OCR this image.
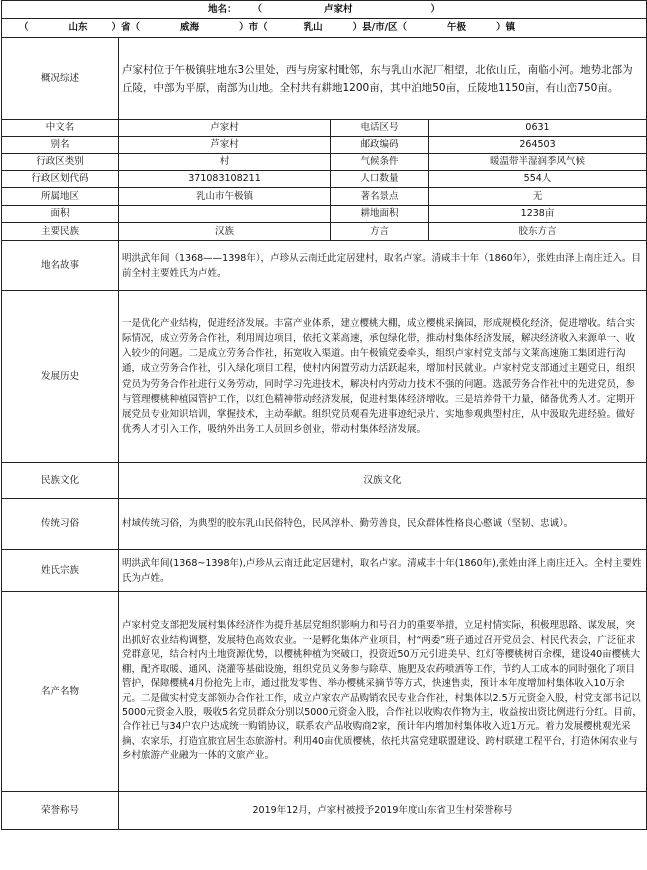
地名： （ 卢家村 ）			
（ 山东 ）省（ 威海 ）市（ 乳山 ）县/市/区（ 午极 ）镇			
概况综述	卢家村位于午极镇驻地东3公里处，西与房家村毗邻，东与乳山水泥厂相望，北依山丘，南临小河。地势北部为丘陵，中部为平原，南部为山地。全村共有耕地1200亩，其中泊地50亩，丘陵地1150亩，有山峦750亩。		
中文名	卢家村	电话区号	0631
别名	芦家村	邮政编码	264503
行政区类别	村	气候条件	暖温带半湿润季风气候
行政区划代码	371083108211	人口数量	554人
所属地区	乳山市午极镇	著名景点	无
面积		耕地面积	1238亩
主要民族	汉族	方言	胶东方言
地名故事	明洪武年间（1368——1398年），卢珍从云南迁此定居建村，取名卢家。清咸丰十年（1860年），张姓由泽上南庄迁入。目前全村主要姓氏为卢姓。		
发展历史	一是优化产业结构，促进经济发展。丰富产业体系，建立樱桃大棚，成立樱桃采摘园，形成规模化经济，促进增收。结合实际情况，成立劳务合作社，利用周边项目，依托文莱高速，承包绿化带，推动村集体经济发展，解决经济收入来源单一、收入较少的问题。二是成立劳务合作社，拓宽收入渠道。由午极镇党委牵头，组织卢家村党支部与文莱高速施工集团进行沟通，成立劳务合作社，引入绿化项目工程，使村内闲置劳动力活跃起来，增加村民就业。卢家村党支部通过主题党日，组织党员为劳务合作社进行义务劳动，同时学习先进技术，解决村内劳动力技术不强的问题。选派劳务合作社中的先进党员，参与管理樱桃种植园管护工作，以红色精神带动经济发展，促进村集体经济增收。三是培养骨干力量，储备优秀人才。定期开展党员专业知识培训，掌握技术，主动奉献。组织党员观看先进事迹纪录片、实地参观典型村庄，从中汲取先进经验。做好优秀人才引入工作，吸纳外出务工人员回乡创业，带动村集体经济发展。		
民族文化	汉族文化		
传统习俗	村域传统习俗，为典型的胶东乳山民俗特色，民风淳朴、勤劳善良，民众群体性格良心憨诚（坚韧、忠诚）。		
姓氏宗族	明洪武年间(1368~1398年),卢珍从云南迁此定居建村，取名卢家。清咸丰十年(1860年),张姓由泽上南庄迁入。全村主要姓氏为卢姓。		
名产名物	卢家村党支部把发展村集体经济作为提升基层党组织影响力和号召力的重要举措，立足村情实际，积极理思路、谋发展，突出抓好农业结构调整，发展特色高效农业。一是孵化集体产业项目，村“两委”班子通过召开党员会、村民代表会，广泛征求党群意见，结合村内土地资源优势，以樱桃种植为突破口，投资近50万元引进美早、红灯等樱桃树百余棵，建设40亩樱桃大棚，配齐取暖、通风、浇灌等基础设施，组织党员义务参与除草、施肥及农药喷洒等工作，节约人工成本的同时强化了项目管护，保障樱桃4月份抢先上市，通过批发零售、举办樱桃采摘节等方式，快速售卖，预计本年度增加村集体收入10万余元。二是做实村党支部领办合作社工作，成立卢家农产品购销农民专业合作社，村集体以2.5万元资金入股，村党支部书记以5000元资金入股，吸收5名党员群众分别以5000元资金入股，合作社以收购农作物为主，收益按出资比例进行分红。目前，合作社已与34户农户达成统一购销协议，联系农产品收购商2家，预计年内增加村集体收入近1万元。着力发展樱桃观光采摘、农家乐，打造宜旅宜居生态旅游村。利用40亩优质樱桃，依托共富党建联盟建设、跨村联建工程平台，打造休闲农业与乡村旅游产业融为一体的文旅产业。		
荣誉称号	2019年12月，卢家村被授予2019年度山东省卫生村荣誉称号		
